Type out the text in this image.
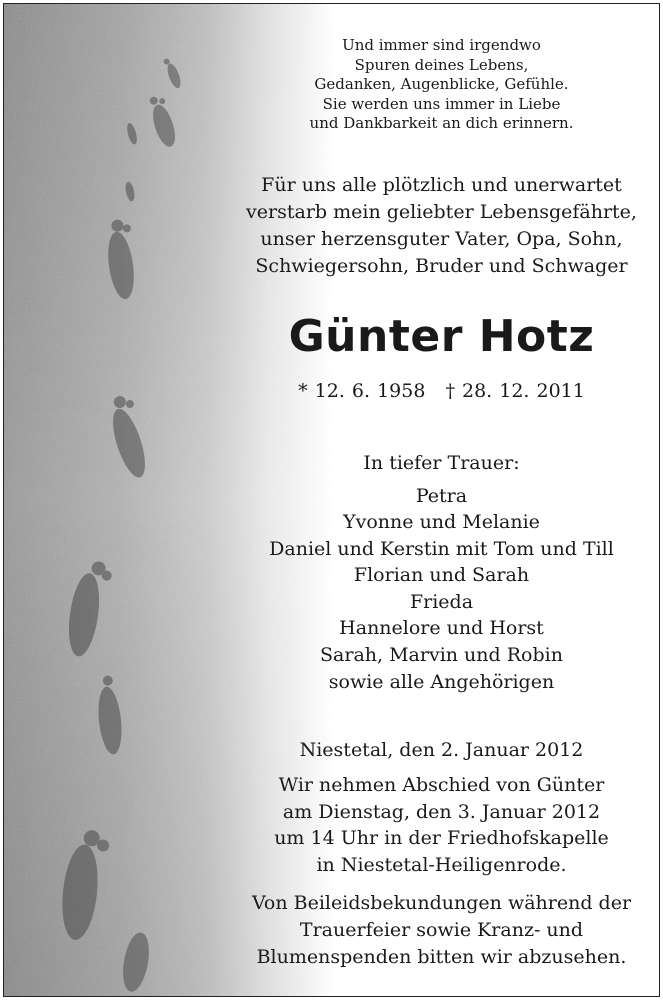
Und immer sind irgendwo
Spuren deines Lebens,
Gedanken, Augenblicke, Gefühle.
Sie werden uns immer in Liebe
und Dankbarkeit an dich erinnern.
Für uns alle plötzlich und unerwartet
verstarb mein geliebter Lebensgefährte,
unser herzensguter Vater, Opa, Sohn,
Schwiegersohn, Bruder und Schwager
Günter Hotz
* 12. 6. 1958 † 28. 12. 2011
In tiefer Trauer:
Petra
Yvonne und Melanie
Daniel und Kerstin mit Tom und Till
Florian und Sarah
Frieda
Hannelore und Horst
Sarah, Marvin und Robin
sowie alle Angehörigen
Niestetal, den 2. Januar 2012
Wir nehmen Abschied von Günter
am Dienstag, den 3. Januar 2012
um 14 Uhr in der Friedhofskapelle
in Niestetal-Heiligenrode.
Von Beileidsbekundungen während der
Trauerfeier sowie Kranz- und
Blumenspenden bitten wir abzusehen.
